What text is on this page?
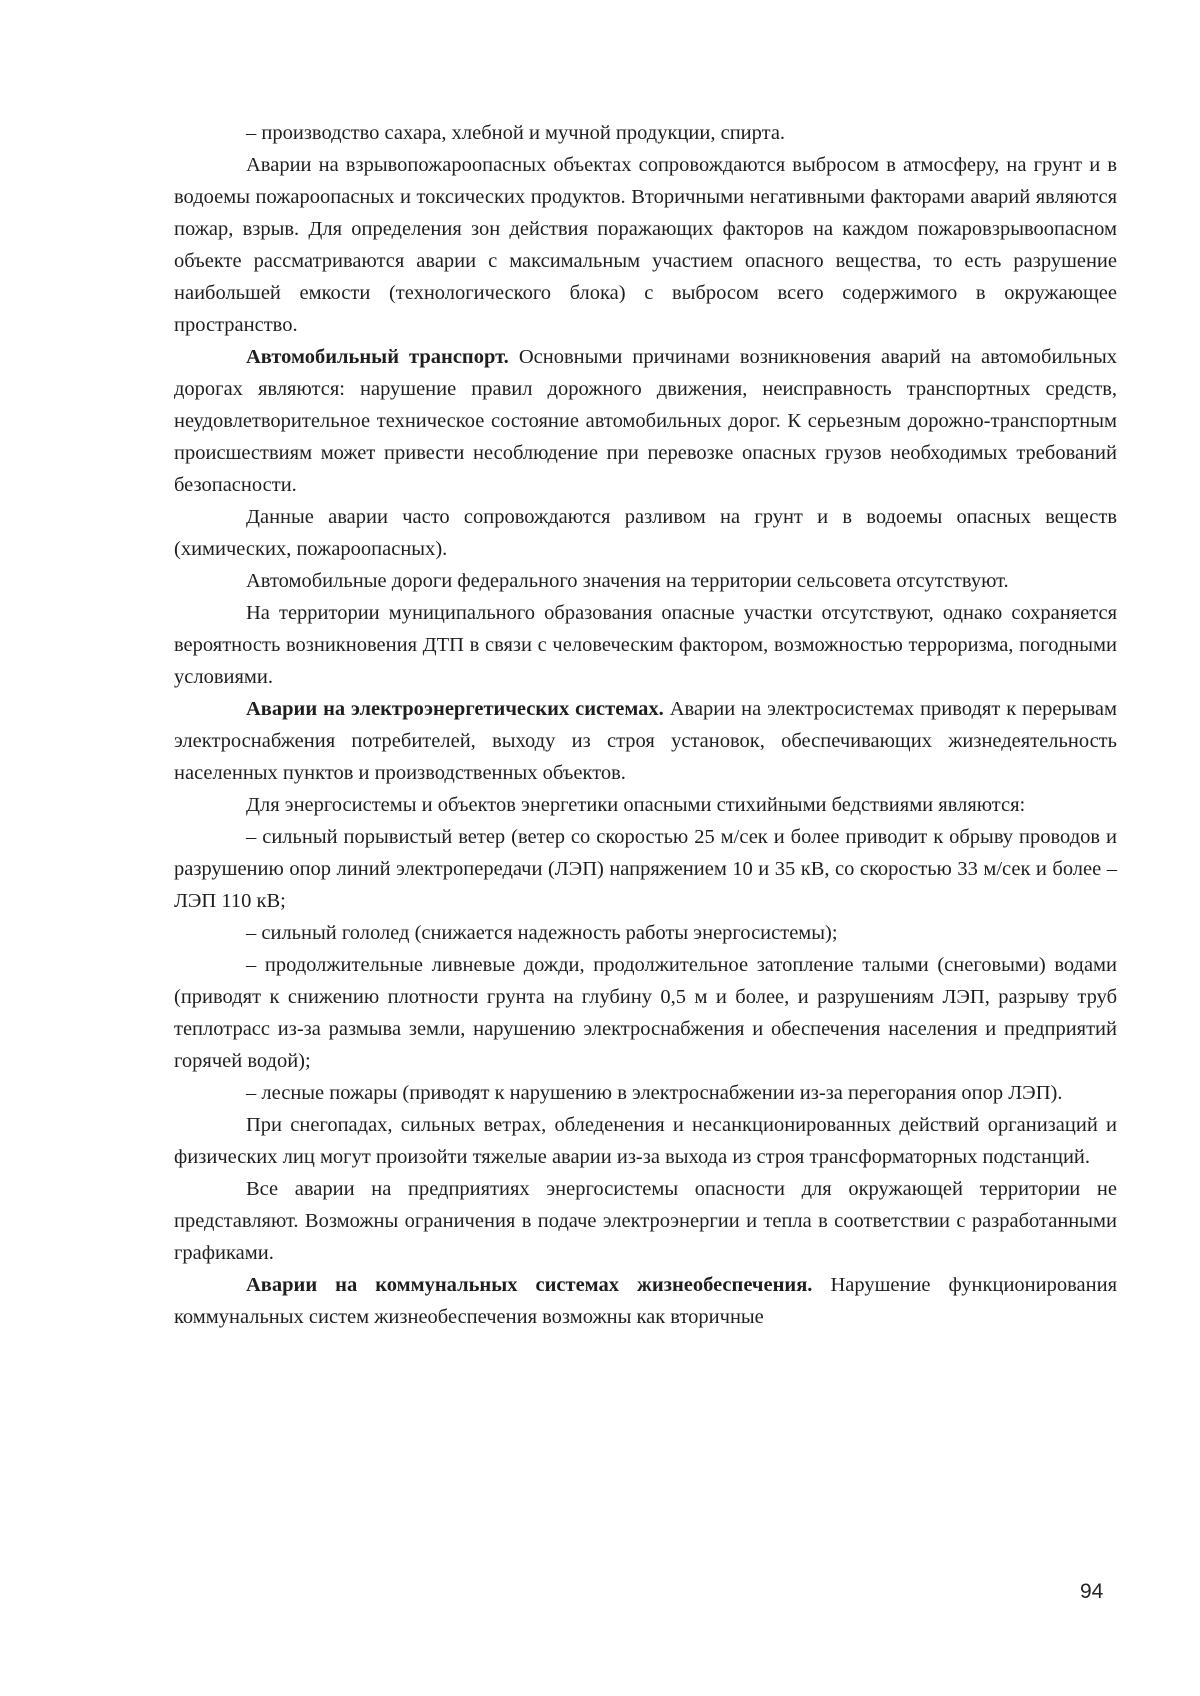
– производство сахара, хлебной и мучной продукции, спирта.

Аварии на взрывопожароопасных объектах сопровождаются выбросом в атмосферу, на грунт и в водоемы пожароопасных и токсических продуктов. Вторичными негативными факторами аварий являются пожар, взрыв. Для определения зон действия поражающих факторов на каждом пожаровзрывоопасном объекте рассматриваются аварии с максимальным участием опасного вещества, то есть разрушение наибольшей емкости (технологического блока) с выбросом всего содержимого в окружающее пространство.

Автомобильный транспорт. Основными причинами возникновения аварий на автомобильных дорогах являются: нарушение правил дорожного движения, неисправность транспортных средств, неудовлетворительное техническое состояние автомобильных дорог. К серьезным дорожно-транспортным происшествиям может привести несоблюдение при перевозке опасных грузов необходимых требований безопасности.

Данные аварии часто сопровождаются разливом на грунт и в водоемы опасных веществ (химических, пожароопасных).

Автомобильные дороги федерального значения на территории сельсовета отсутствуют.

На территории муниципального образования опасные участки отсутствуют, однако сохраняется вероятность возникновения ДТП в связи с человеческим фактором, возможностью терроризма, погодными условиями.

Аварии на электроэнергетических системах. Аварии на электросистемах приводят к перерывам электроснабжения потребителей, выходу из строя установок, обеспечивающих жизнедеятельность населенных пунктов и производственных объектов.

Для энергосистемы и объектов энергетики опасными стихийными бедствиями являются:

– сильный порывистый ветер (ветер со скоростью 25 м/сек и более приводит к обрыву проводов и разрушению опор линий электропередачи (ЛЭП) напряжением 10 и 35 кВ, со скоростью 33 м/сек и более – ЛЭП 110 кВ;

– сильный гололед (снижается надежность работы энергосистемы);

– продолжительные ливневые дожди, продолжительное затопление талыми (снеговыми) водами (приводят к снижению плотности грунта на глубину 0,5 м и более, и разрушениям ЛЭП, разрыву труб теплотрасс из-за размыва земли, нарушению электроснабжения и обеспечения населения и предприятий горячей водой);

– лесные пожары (приводят к нарушению в электроснабжении из-за перегорания опор ЛЭП).

При снегопадах, сильных ветрах, обледенения и несанкционированных действий организаций и физических лиц могут произойти тяжелые аварии из-за выхода из строя трансформаторных подстанций.

Все аварии на предприятиях энергосистемы опасности для окружающей территории не представляют. Возможны ограничения в подаче электроэнергии и тепла в соответствии с разработанными графиками.

Аварии на коммунальных системах жизнеобеспечения. Нарушение функционирования коммунальных систем жизнеобеспечения возможны как вторичные

94
